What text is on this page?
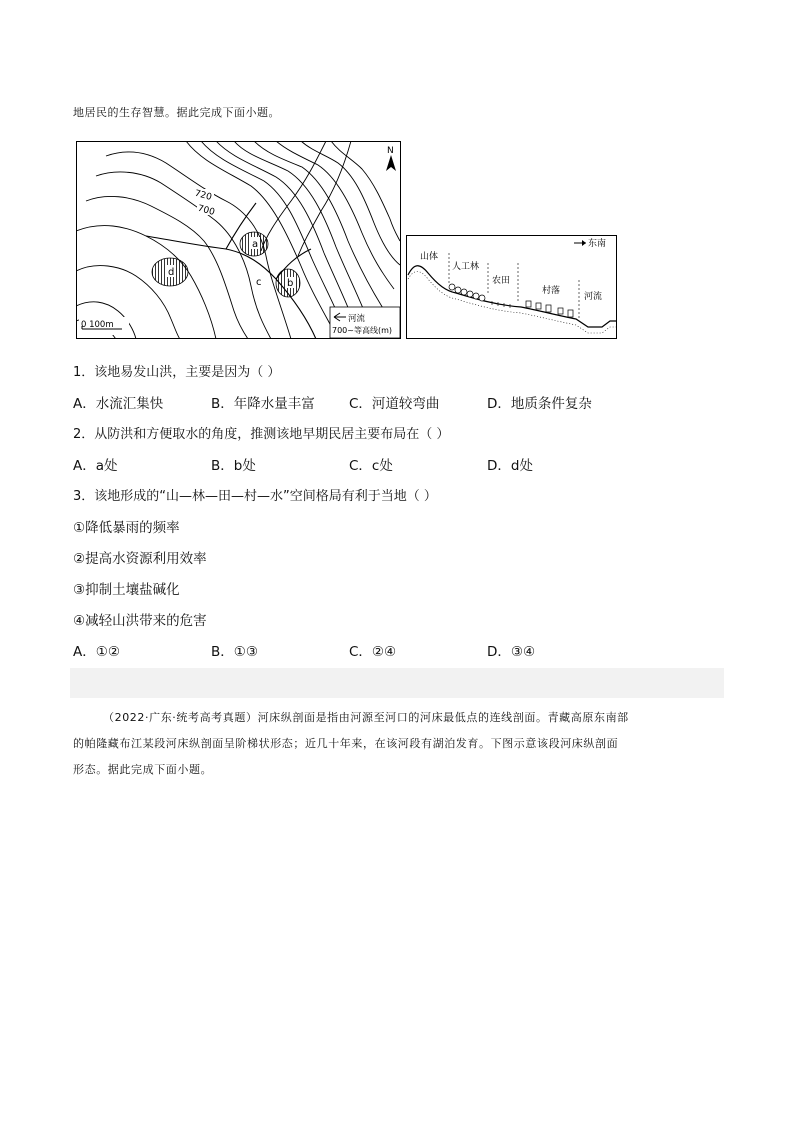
地居民的生存智慧。据此完成下面小题。
a
b
c
d
720
700
N
0 100m
河流
700~等高线(m)
东南
山体
人工林
农田
村落
河流
1．该地易发山洪，主要是因为（ ）
A．水流汇集快	B．年降水量丰富	C．河道较弯曲	D．地质条件复杂
2．从防洪和方便取水的角度，推测该地早期民居主要布局在（ ）
A．a处	B．b处	C．c处	D．d处
3．该地形成的“山—林—田—村—水”空间格局有利于当地（ ）
①降低暴雨的频率
②提高水资源利用效率
③抑制土壤盐碱化
④减轻山洪带来的危害
A．①②	B．①③	C．②④	D．③④
（2022·广东·统考高考真题）河床纵剖面是指由河源至河口的河床最低点的连线剖面。青藏高原东南部
的帕隆藏布江某段河床纵剖面呈阶梯状形态；近几十年来，在该河段有湖泊发育。下图示意该段河床纵剖面
形态。据此完成下面小题。
